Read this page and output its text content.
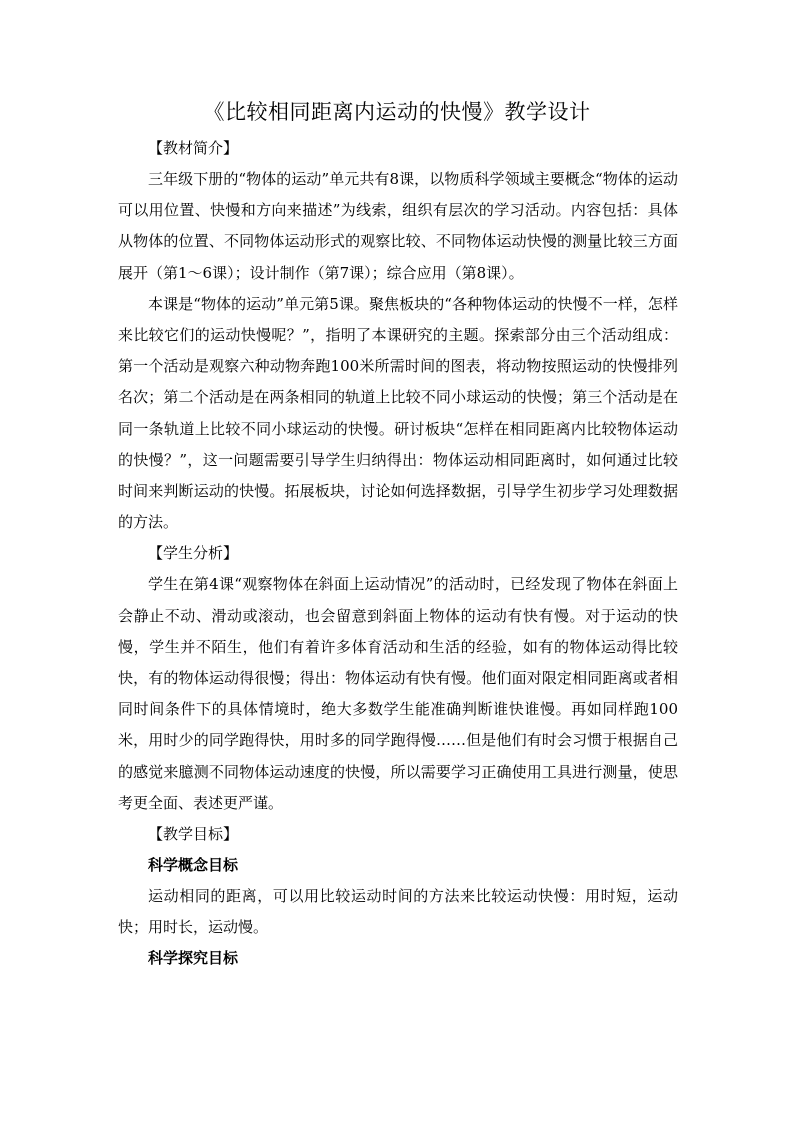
《比较相同距离内运动的快慢》教学设计

【教材简介】

三年级下册的“物体的运动”单元共有8课，以物质科学领域主要概念“物体的运动可以用位置、快慢和方向来描述”为线索，组织有层次的学习活动。内容包括：具体从物体的位置、不同物体运动形式的观察比较、不同物体运动快慢的测量比较三方面展开（第1～6课）；设计制作（第7课）；综合应用（第8课）。

本课是“物体的运动”单元第5课。聚焦板块的“各种物体运动的快慢不一样，怎样来比较它们的运动快慢呢？”，指明了本课研究的主题。探索部分由三个活动组成：第一个活动是观察六种动物奔跑100米所需时间的图表，将动物按照运动的快慢排列名次；第二个活动是在两条相同的轨道上比较不同小球运动的快慢；第三个活动是在同一条轨道上比较不同小球运动的快慢。研讨板块“怎样在相同距离内比较物体运动的快慢？”，这一问题需要引导学生归纳得出：物体运动相同距离时，如何通过比较时间来判断运动的快慢。拓展板块，讨论如何选择数据，引导学生初步学习处理数据的方法。

【学生分析】

学生在第4课“观察物体在斜面上运动情况”的活动时，已经发现了物体在斜面上会静止不动、滑动或滚动，也会留意到斜面上物体的运动有快有慢。对于运动的快慢，学生并不陌生，他们有着许多体育活动和生活的经验，如有的物体运动得比较快，有的物体运动得很慢；得出：物体运动有快有慢。他们面对限定相同距离或者相同时间条件下的具体情境时，绝大多数学生能准确判断谁快谁慢。再如同样跑100米，用时少的同学跑得快，用时多的同学跑得慢……但是他们有时会习惯于根据自己的感觉来臆测不同物体运动速度的快慢，所以需要学习正确使用工具进行测量，使思考更全面、表述更严谨。

【教学目标】

科学概念目标

运动相同的距离，可以用比较运动时间的方法来比较运动快慢：用时短，运动快；用时长，运动慢。

科学探究目标
